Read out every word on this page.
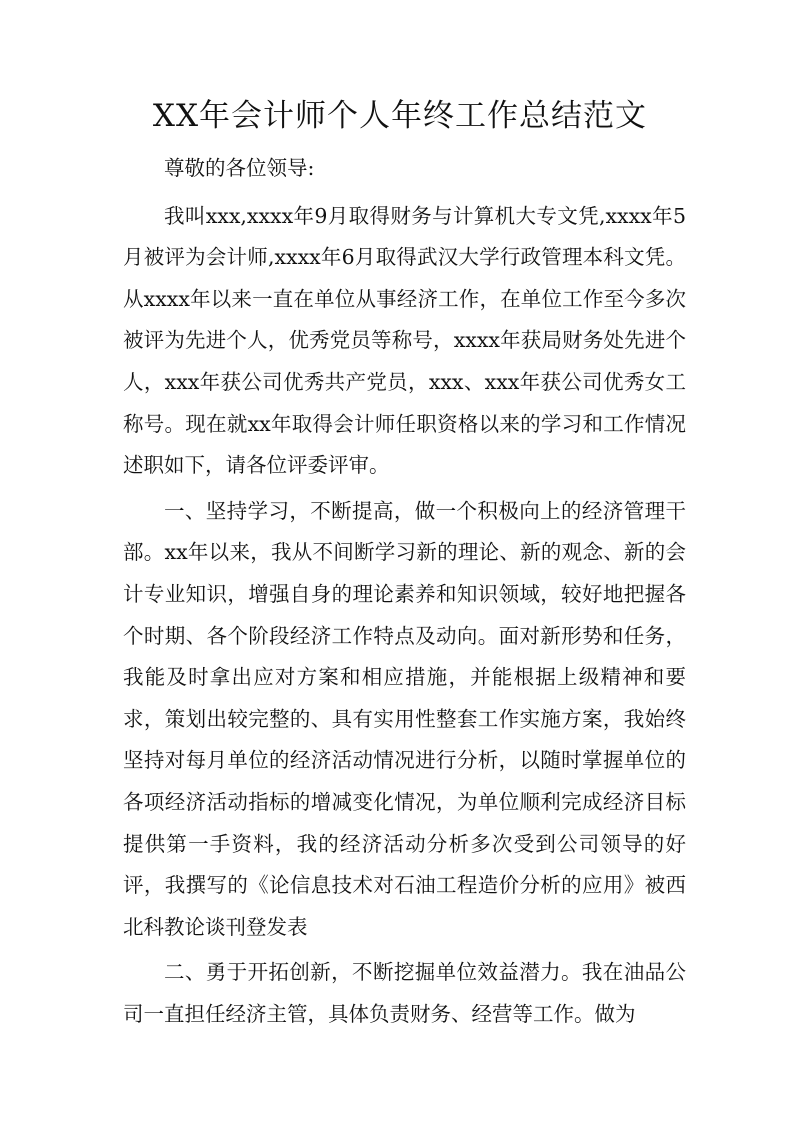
XX年会计师个人年终工作总结范文

尊敬的各位领导:

我叫xxx,xxxx年9月取得财务与计算机大专文凭,xxxx年5月被评为会计师,xxxx年6月取得武汉大学行政管理本科文凭。从xxxx年以来一直在单位从事经济工作，在单位工作至今多次被评为先进个人，优秀党员等称号，xxxx年获局财务处先进个人，xxx年获公司优秀共产党员，xxx、xxx年获公司优秀女工称号。现在就xx年取得会计师任职资格以来的学习和工作情况述职如下，请各位评委评审。

一、坚持学习，不断提高，做一个积极向上的经济管理干部。xx年以来，我从不间断学习新的理论、新的观念、新的会计专业知识，增强自身的理论素养和知识领域，较好地把握各个时期、各个阶段经济工作特点及动向。面对新形势和任务，我能及时拿出应对方案和相应措施，并能根据上级精神和要求，策划出较完整的、具有实用性整套工作实施方案，我始终坚持对每月单位的经济活动情况进行分析，以随时掌握单位的各项经济活动指标的增减变化情况，为单位顺利完成经济目标提供第一手资料，我的经济活动分析多次受到公司领导的好评，我撰写的《论信息技术对石油工程造价分析的应用》被西北科教论谈刊登发表

二、勇于开拓创新，不断挖掘单位效益潜力。我在油品公司一直担任经济主管，具体负责财务、经营等工作。做为
